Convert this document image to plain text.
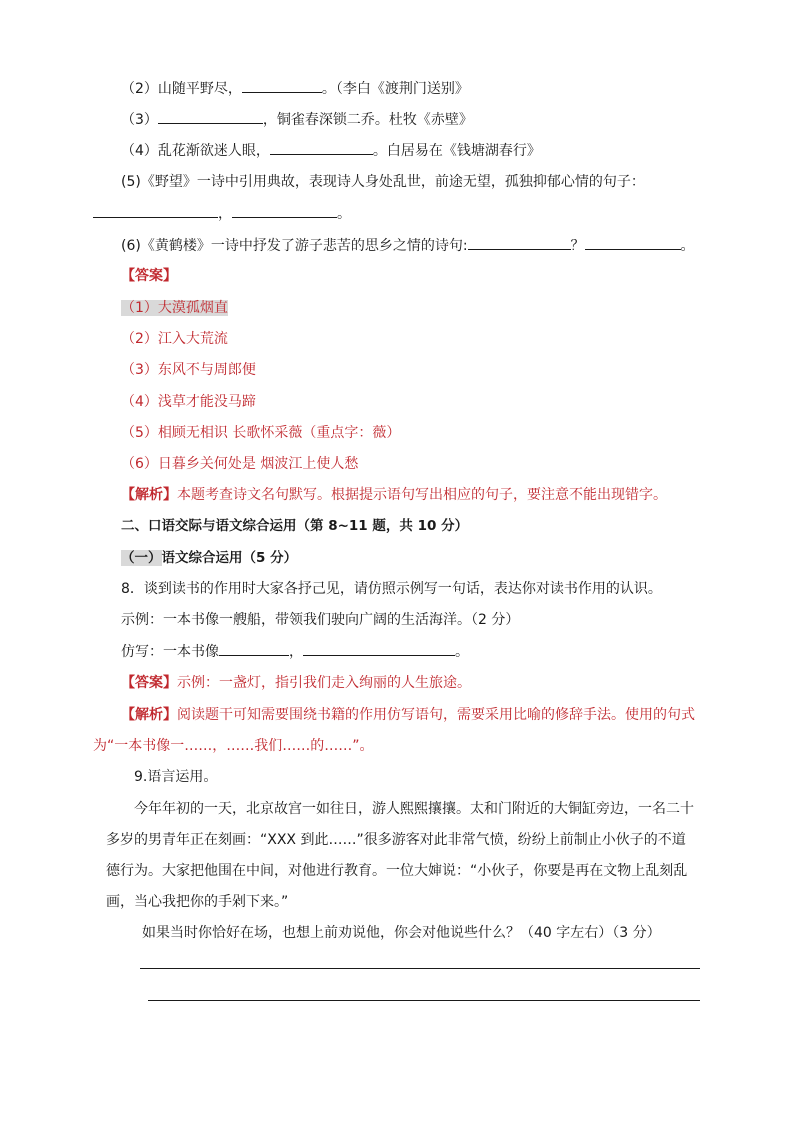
（2）山随平野尽，	。（李白《渡荆门送别》
（3）	，铜雀春深锁二乔。杜牧《赤壁》
（4）乱花渐欲迷人眼，	。白居易在《钱塘湖春行》
(5)《野望》一诗中引用典故，表现诗人身处乱世，前途无望，孤独抑郁心情的句子：
，	。
(6)《黄鹤楼》一诗中抒发了游子悲苦的思乡之情的诗句:	？	。
【答案】
（1）大漠孤烟直
（2）江入大荒流
（3）东风不与周郎便
（4）浅草才能没马蹄
（5）相顾无相识 长歌怀采薇（重点字：薇）
（6）日暮乡关何处是 烟波江上使人愁
【解析】本题考查诗文名句默写。根据提示语句写出相应的句子，要注意不能出现错字。
二、口语交际与语文综合运用（第 8~11 题，共 10 分）
（一）语文综合运用（5 分）
8．谈到读书的作用时大家各抒己见，请仿照示例写一句话，表达你对读书作用的认识。
示例：一本书像一艘船，带领我们驶向广阔的生活海洋。（2 分）
仿写：一本书像	，	。
【答案】示例：一盏灯，指引我们走入绚丽的人生旅途。
【解析】阅读题干可知需要围绕书籍的作用仿写语句，需要采用比喻的修辞手法。使用的句式
为“一本书像一……，……我们……的……”。
9.语言运用。
今年年初的一天，北京故宫一如往日，游人熙熙攘攘。太和门附近的大铜缸旁边，一名二十
多岁的男青年正在刻画：“XXX 到此……”很多游客对此非常气愤，纷纷上前制止小伙子的不道
德行为。大家把他围在中间，对他进行教育。一位大婶说：“小伙子，你要是再在文物上乱刻乱
画，当心我把你的手剁下来。”
如果当时你恰好在场，也想上前劝说他，你会对他说些什么？（40 字左右）（3 分）
